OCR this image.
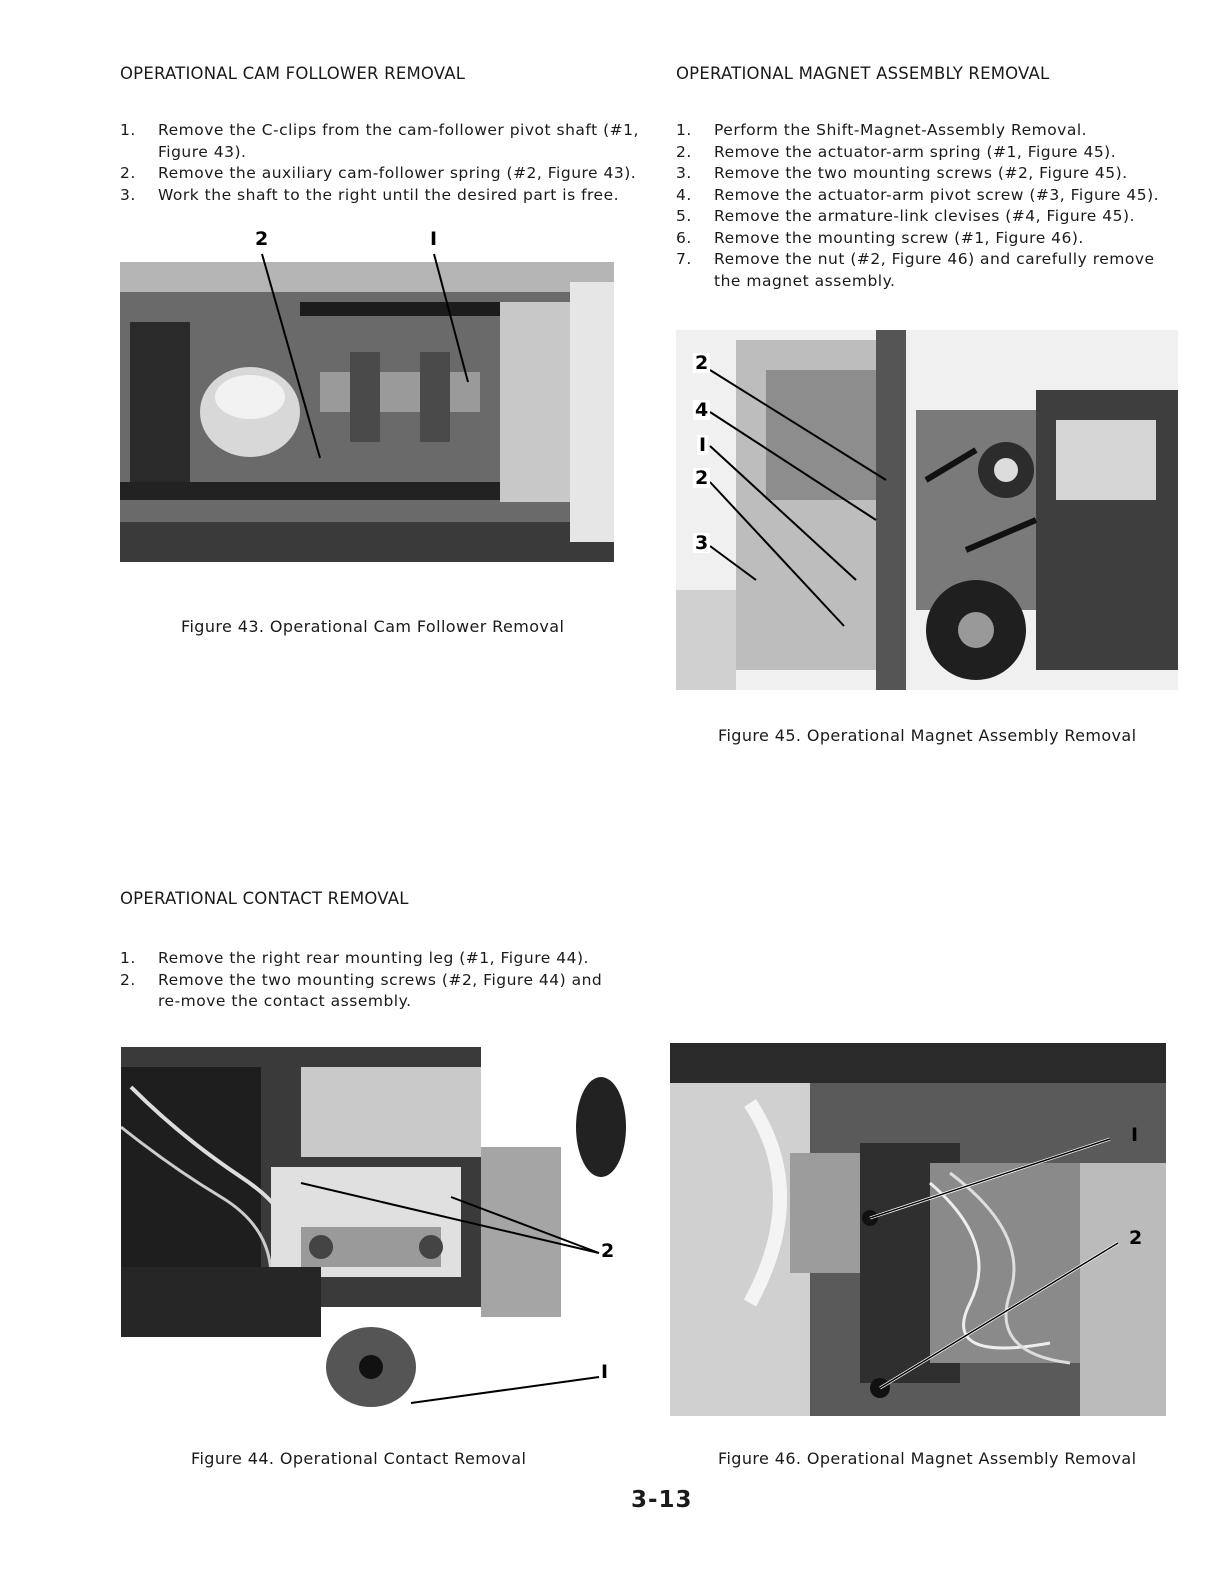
OPERATIONAL CAM FOLLOWER REMOVAL
1. Remove the C-clips from the cam-follower pivot shaft (#1, Figure 43).
2. Remove the auxiliary cam-follower spring (#2, Figure 43).
3. Work the shaft to the right until the desired part is free.
2	I

Figure 43. Operational Cam Follower Removal

OPERATIONAL MAGNET ASSEMBLY REMOVAL
1. Perform the Shift-Magnet-Assembly Removal.
2. Remove the actuator-arm spring (#1, Figure 45).
3. Remove the two mounting screws (#2, Figure 45).
4. Remove the actuator-arm pivot screw (#3, Figure 45).
5. Remove the armature-link clevises (#4, Figure 45).
6. Remove the mounting screw (#1, Figure 46).
7. Remove the nut (#2, Figure 46) and carefully remove the magnet assembly.
2
4
I
2
3

Figure 45. Operational Magnet Assembly Removal

OPERATIONAL CONTACT REMOVAL
1. Remove the right rear mounting leg (#1, Figure 44).
2. Remove the two mounting screws (#2, Figure 44) and re-move the contact assembly.
2
I

Figure 44. Operational Contact Removal

I
2

Figure 46. Operational Magnet Assembly Removal

3-13
